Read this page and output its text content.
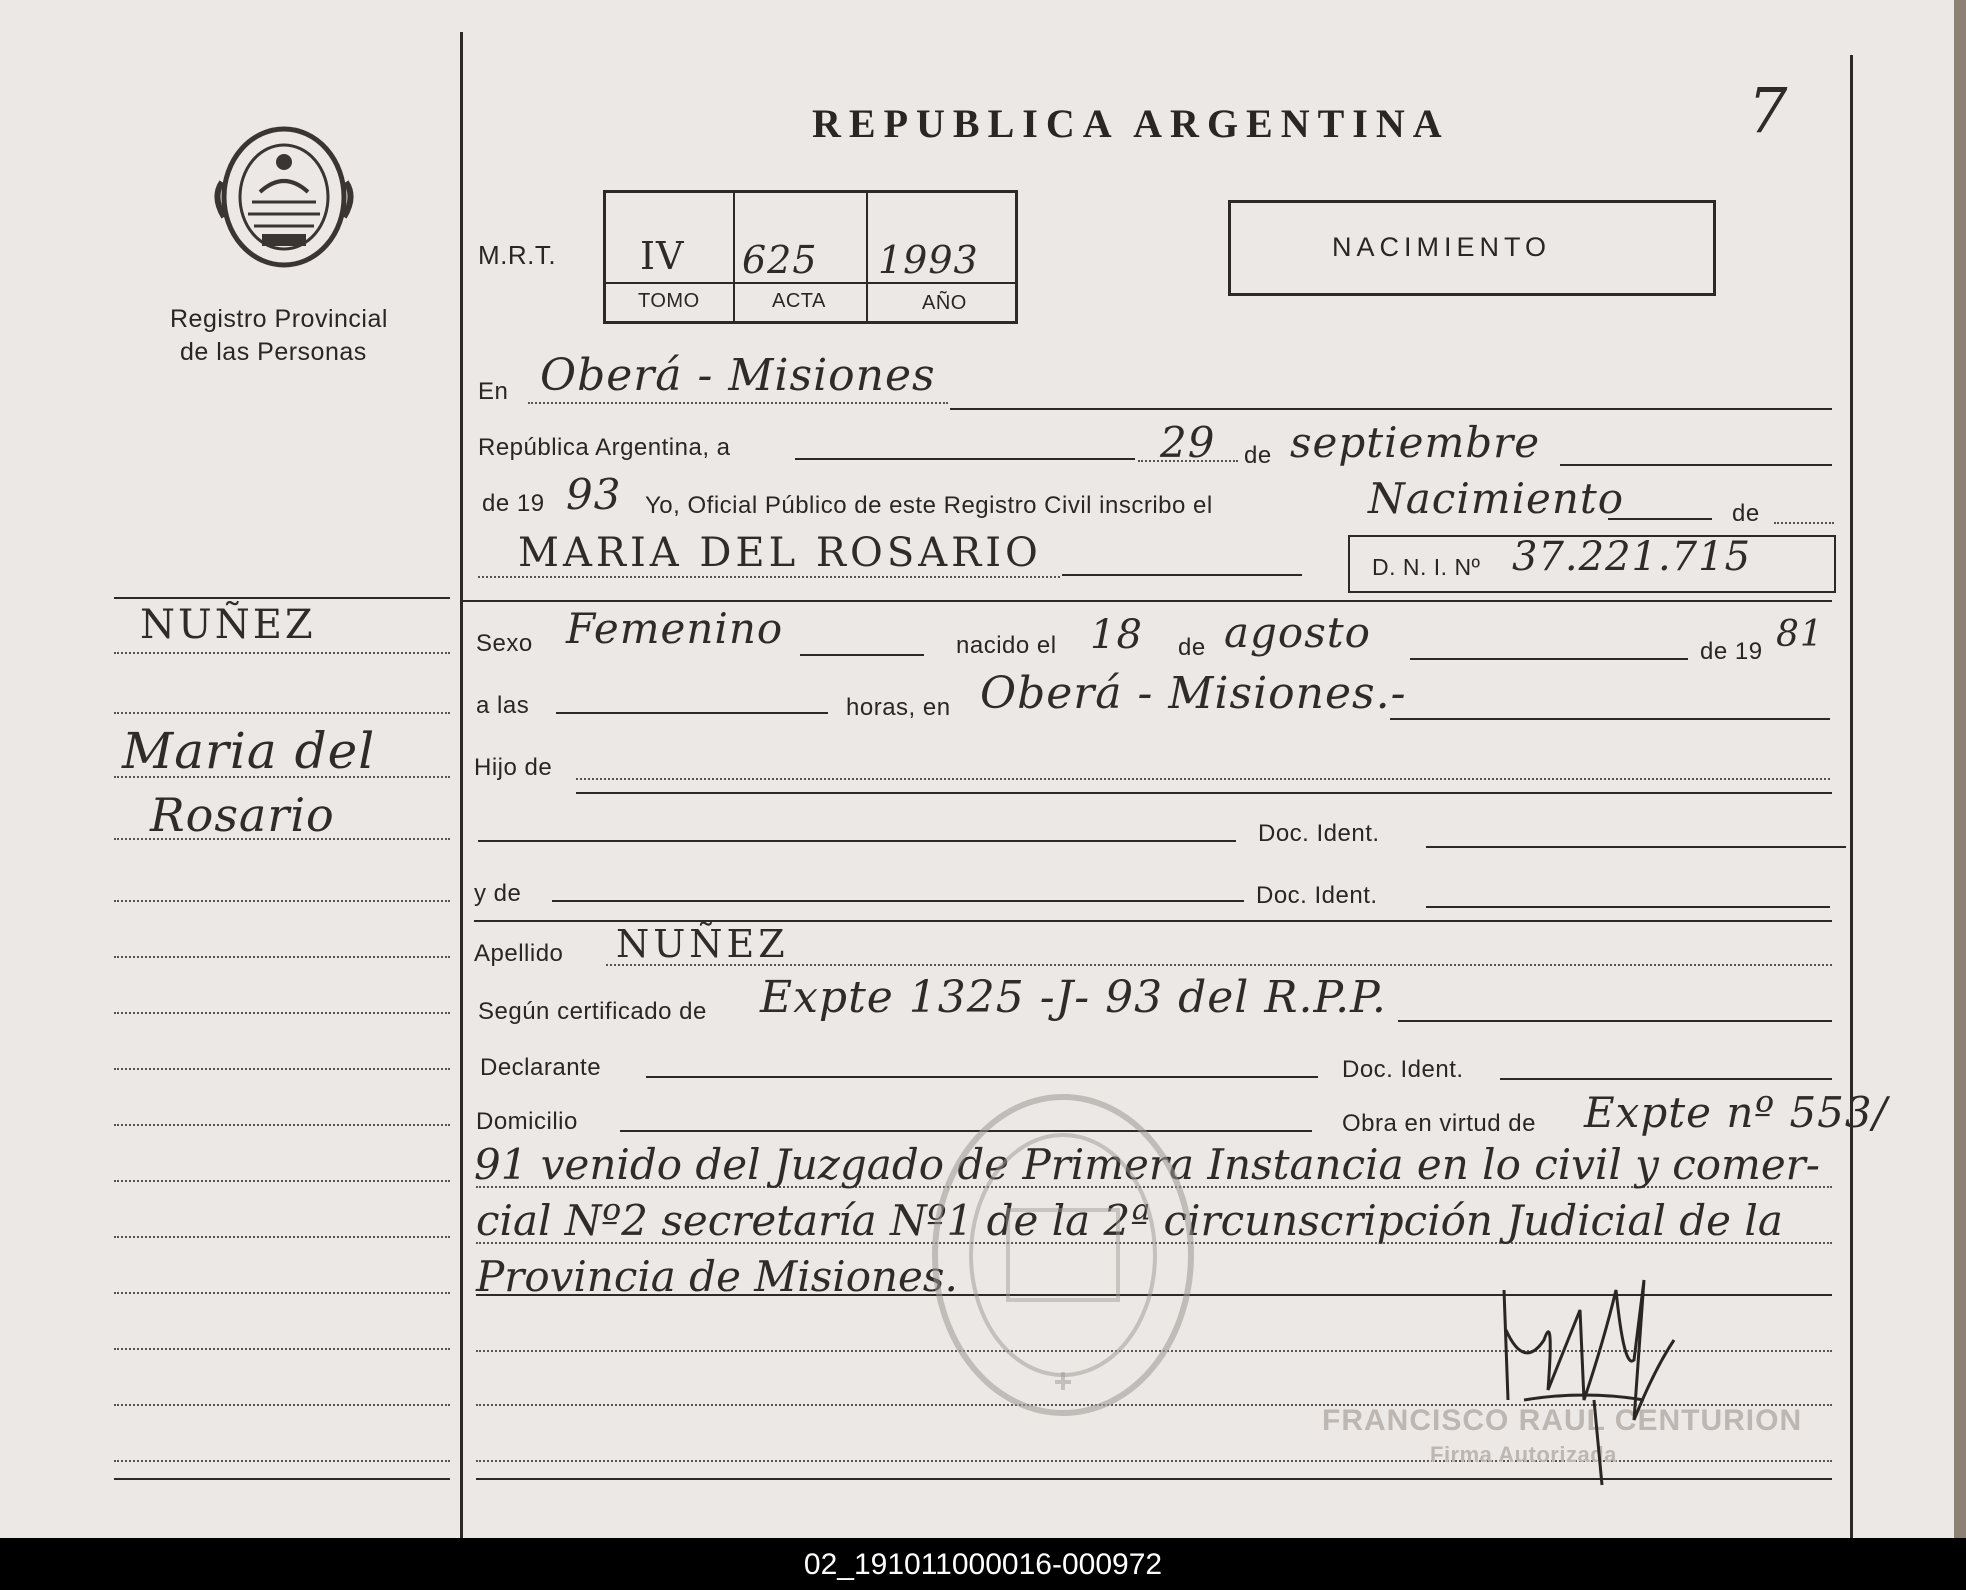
Registro Provincial
de las Personas
REPUBLICA ARGENTINA	7
M.R.T. IV 625 1993
TOMO	ACTA	AÑO
NACIMIENTO
NUÑEZ
Maria del
Rosario
En Oberá - Misiones
República Argentina, a	29 de septiembre
de 19 93 Yo, Oficial Público de este Registro Civil inscribo el	Nacimiento	de
MARIA DEL ROSARIO	D. N. I. Nº 37.221.715
Sexo Femenino	nacido el 18 de agosto	de 19 81
a las	horas, en Oberá - Misiones.-
Hijo de
Doc. Ident.
y de	Doc. Ident.
Apellido NUÑEZ
Según certificado de Expte 1325 -J- 93 del R.P.P.
Declarante	Doc. Ident.
Domicilio	Obra en virtud de Expte nº 553/
91 venido del Juzgado de Primera Instancia en lo civil y comer-
cial Nº2 secretaría Nº1 de la 2ª circunscripción Judicial de la
Provincia de Misiones.
FRANCISCO RAUL CENTURION
Firma Autorizada
02_191011000016-000972
